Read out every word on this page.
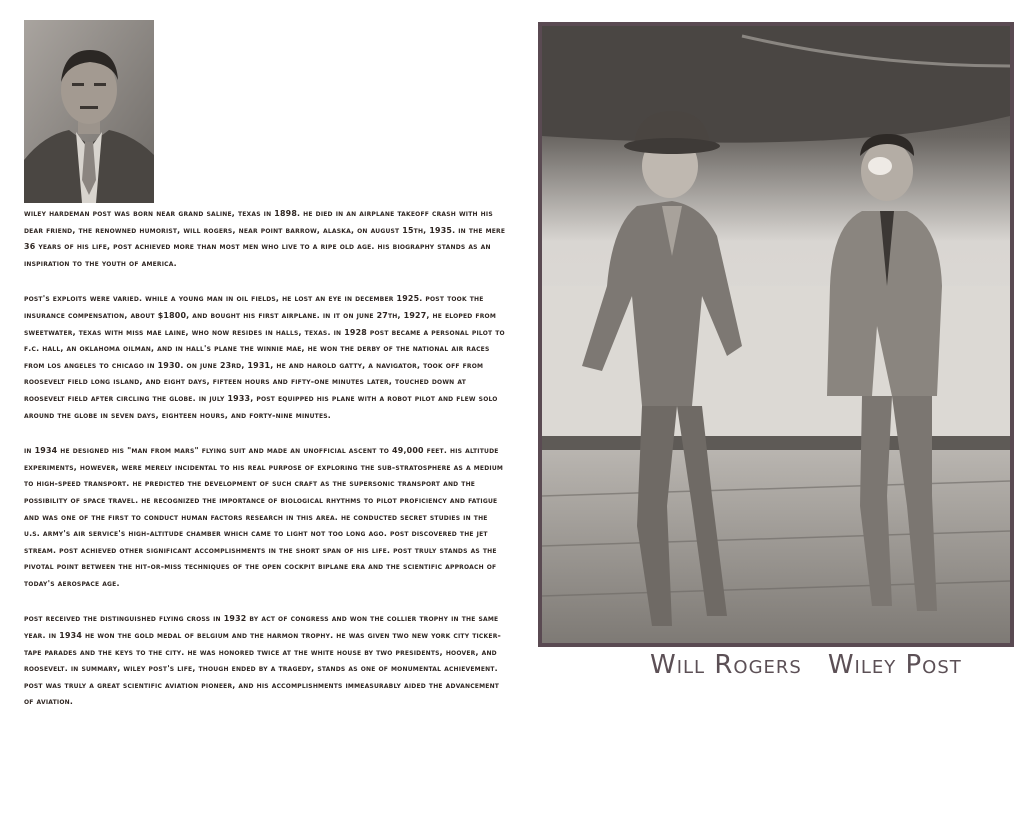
wiley hardeman post was born near grand saline, texas in 1898. he died in an airplane takeoff crash with his dear friend, the renowned humorist, will rogers, near point barrow, alaska, on august 15th, 1935. in the mere 36 years of his life, post achieved more than most men who live to a ripe old age. his biography stands as an inspiration to the youth of america.

post's exploits were varied. while a young man in oil fields, he lost an eye in december 1925. post took the insurance compensation, about $1800, and bought his first airplane. in it on june 27th, 1927, he eloped from sweetwater, texas with miss mae laine, who now resides in halls, texas. in 1928 post became a personal pilot to f.c. hall, an oklahoma oilman, and in hall's plane the winnie mae, he won the derby of the national air races from los angeles to chicago in 1930. on june 23rd, 1931, he and harold gatty, a navigator, took off from roosevelt field long island, and eight days, fifteen hours and fifty-one minutes later, touched down at roosevelt field after circling the globe. in july 1933, post equipped his plane with a robot pilot and flew solo around the globe in seven days, eighteen hours, and forty-nine minutes.

in 1934 he designed his "man from mars" flying suit and made an unofficial ascent to 49,000 feet. his altitude experiments, however, were merely incidental to his real purpose of exploring the sub-stratosphere as a medium to high-speed transport. he predicted the development of such craft as the supersonic transport and the possibility of space travel. he recognized the importance of biological rhythms to pilot proficiency and fatigue and was one of the first to conduct human factors research in this area. he conducted secret studies in the u.s. army's air service's high-altitude chamber which came to light not too long ago. post discovered the jet stream. post achieved other significant accomplishments in the short span of his life. post truly stands as the pivotal point between the hit-or-miss techniques of the open cockpit biplane era and the scientific approach of today's aerospace age.

post received the distinguished flying cross in 1932 by act of congress and won the collier trophy in the same year. in 1934 he won the gold medal of belgium and the harmon trophy. he was given two new york city ticker-tape parades and the keys to the city. he was honored twice at the white house by two presidents, hoover, and roosevelt. in summary, wiley post's life, though ended by a tragedy, stands as one of monumental achievement. post was truly a great scientific aviation pioneer, and his accomplishments immeasurably aided the advancement of aviation.

Will Rogers Wiley Post
